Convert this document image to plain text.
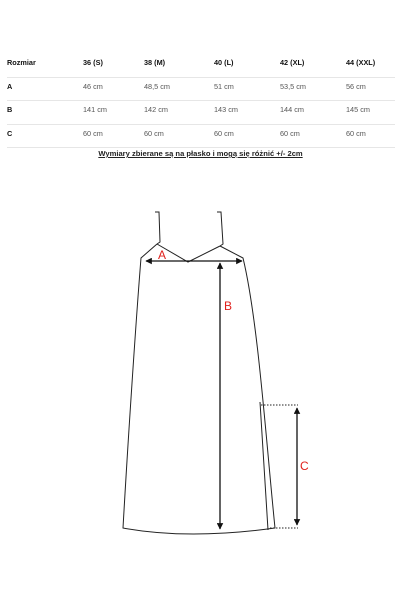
Rozmiar	36 (S)	38 (M)	40 (L)	42 (XL)	44 (XXL)
A	46 cm	48,5 cm	51 cm	53,5 cm	56 cm
B	141 cm	142 cm	143 cm	144 cm	145 cm
C	60 cm	60 cm	60 cm	60 cm	60 cm
Wymiary zbierane są na płasko i mogą się różnić +/- 2cm
A
B
C
